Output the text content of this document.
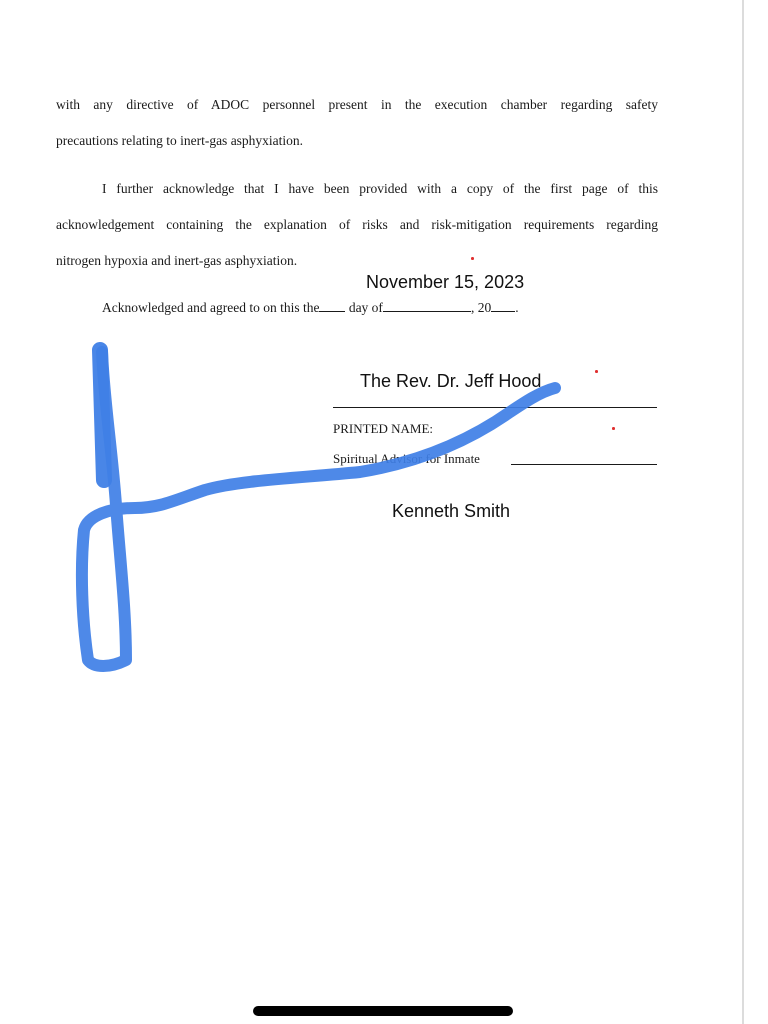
with any directive of ADOC personnel present in the execution chamber regarding safety
precautions relating to inert-gas asphyxiation.
I further acknowledge that I have been provided with a copy of the first page of this
acknowledgement containing the explanation of risks and risk-mitigation requirements regarding
nitrogen hypoxia and inert-gas asphyxiation.
November 15, 2023
Acknowledged and agreed to on this the day of	, 20 .
The Rev. Dr. Jeff Hood
PRINTED NAME:
Spiritual Advisor for Inmate
Kenneth Smith
